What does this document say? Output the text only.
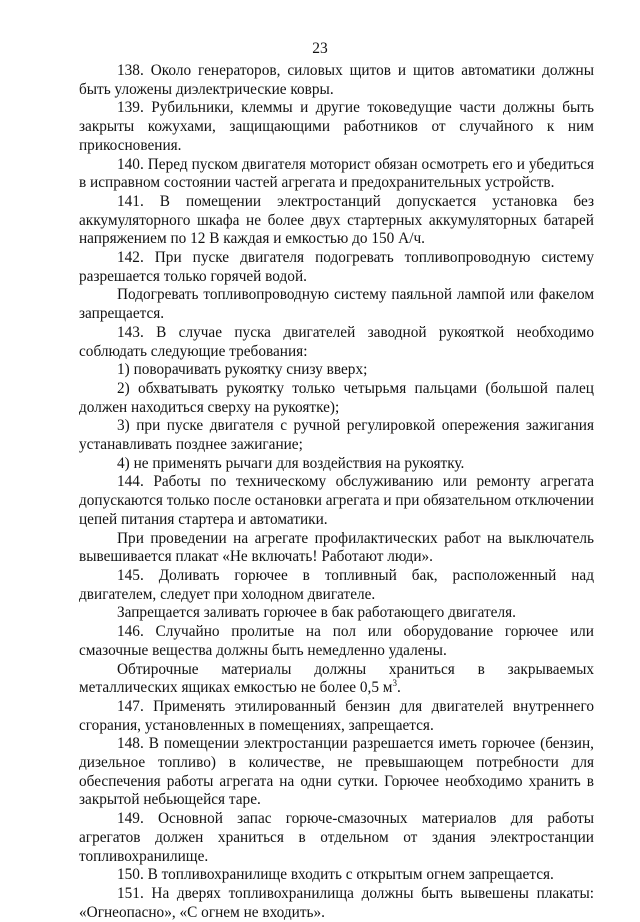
23

138. Около генераторов, силовых щитов и щитов автоматики должны быть уложены диэлектрические ковры.

139. Рубильники, клеммы и другие токоведущие части должны быть закрыты кожухами, защищающими работников от случайного к ним прикосновения.

140. Перед пуском двигателя моторист обязан осмотреть его и убедиться в исправном состоянии частей агрегата и предохранительных устройств.

141. В помещении электростанций допускается установка без аккумуляторного шкафа не более двух стартерных аккумуляторных батарей напряжением по 12 В каждая и емкостью до 150 А/ч.

142. При пуске двигателя подогревать топливопроводную систему разрешается только горячей водой.

Подогревать топливопроводную систему паяльной лампой или факелом запрещается.

143. В случае пуска двигателей заводной рукояткой необходимо соблюдать следующие требования:

1) поворачивать рукоятку снизу вверх;

2) обхватывать рукоятку только четырьмя пальцами (большой палец должен находиться сверху на рукоятке);

3) при пуске двигателя с ручной регулировкой опережения зажигания устанавливать позднее зажигание;

4) не применять рычаги для воздействия на рукоятку.

144. Работы по техническому обслуживанию или ремонту агрегата допускаются только после остановки агрегата и при обязательном отключении цепей питания стартера и автоматики.

При проведении на агрегате профилактических работ на выключатель вывешивается плакат «Не включать! Работают люди».

145. Доливать горючее в топливный бак, расположенный над двигателем, следует при холодном двигателе.

Запрещается заливать горючее в бак работающего двигателя.

146. Случайно пролитые на пол или оборудование горючее или смазочные вещества должны быть немедленно удалены.

Обтирочные материалы должны храниться в закрываемых металлических ящиках емкостью не более 0,5 $м^3$.

147. Применять этилированный бензин для двигателей внутреннего сгорания, установленных в помещениях, запрещается.

148. В помещении электростанции разрешается иметь горючее (бензин, дизельное топливо) в количестве, не превышающем потребности для обеспечения работы агрегата на одни сутки. Горючее необходимо хранить в закрытой небьющейся таре.

149. Основной запас горюче-смазочных материалов для работы агрегатов должен храниться в отдельном от здания электростанции топливохранилище.

150. В топливохранилище входить с открытым огнем запрещается.

151. На дверях топливохранилища должны быть вывешены плакаты: «Огнеопасно», «С огнем не входить».
